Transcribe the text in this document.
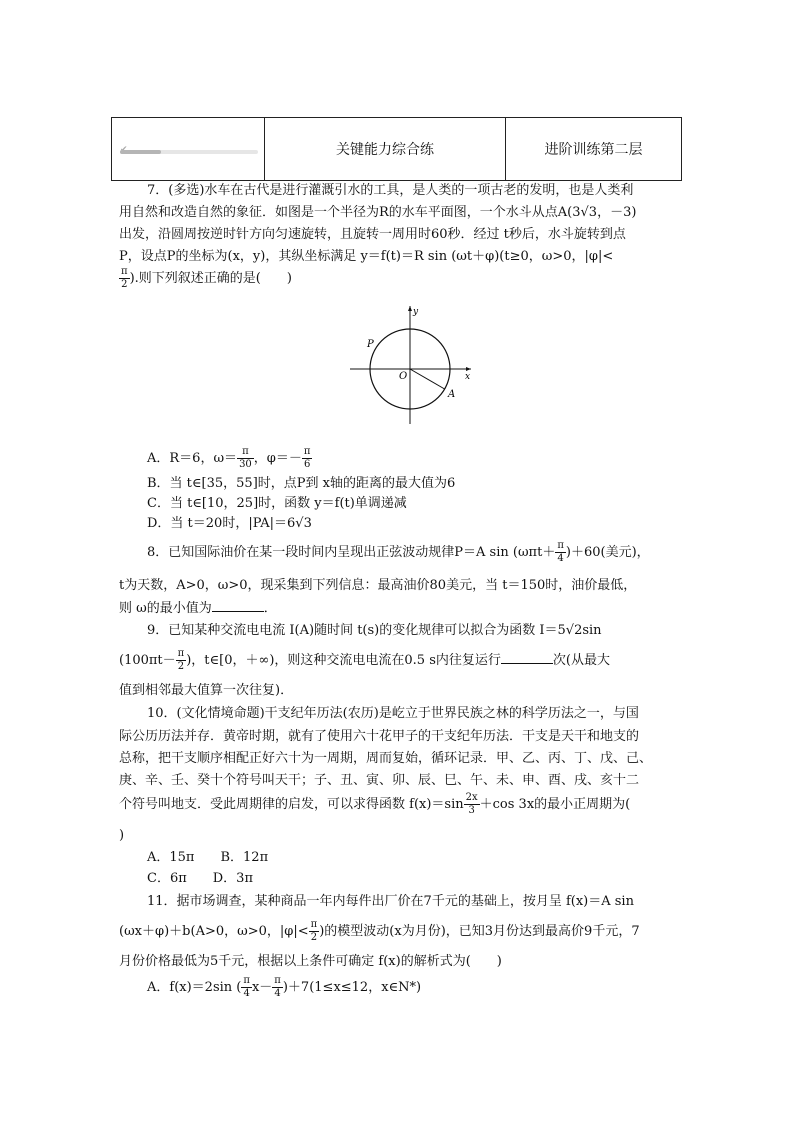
关键能力综合练	进阶训练第二层
7．(多选)水车在古代是进行灌溉引水的工具，是人类的一项古老的发明，也是人类利
用自然和改造自然的象征．如图是一个半径为R的水车平面图，一个水斗从点A(3√3，－3)
出发，沿圆周按逆时针方向匀速旋转，且旋转一周用时60秒．经过 t秒后，水斗旋转到点
P，设点P的坐标为(x，y)，其纵坐标满足 y＝f(t)＝R sin (ωt＋φ)(t≥0，ω>0，|φ|<
$\frac{\pi}{2}$ ).则下列叙述正确的是(　　)
y
x
O
P
A
A．R＝6，$\omega= \frac{\pi}{30}$ ，$\varphi=- \frac{\pi}{6}$
B．当 t∈[35，55]时，点P到 x轴的距离的最大值为6
C．当 t∈[10，25]时，函数 y＝f(t)单调递减
D．当 t＝20时，|PA|＝6√3
8．已知国际油价在某一段时间内呈现出正弦波动规律P＝A $\sin (\omega\pi t+ \frac{\pi}{4} )+60$(美元)，
t为天数，A>0，ω>0，现采集到下列信息：最高油价80美元，当 t＝150时，油价最低，
则 ω的最小值为	．
9．已知某种交流电电流 I(A)随时间 t(s)的变化规律可以拟合为函数 I＝5√2sin
($100\pi t- \frac{\pi}{2}$ )，t∈[0，＋∞)，则这种交流电电流在0.5 s内往复运行	次(从最大
值到相邻最大值算一次往复)．
10．(文化情境命题)干支纪年历法(农历)是屹立于世界民族之林的科学历法之一，与国
际公历历法并存．黄帝时期，就有了使用六十花甲子的干支纪年历法．干支是天干和地支的
总称，把干支顺序相配正好六十为一周期，周而复始，循环记录．甲、乙、丙、丁、戊、己、
庚、辛、壬、癸十个符号叫天干；子、丑、寅、卯、辰、巳、午、未、申、酉、戌、亥十二
个符号叫地支．受此周期律的启发，可以求得函数 $f(x)=\sin \frac{2x}{3} +\cos$ 3x的最小正周期为(
)
A．15π　　B．12π
C．6π　　D．3π
11．据市场调查，某种商品一年内每件出厂价在7千元的基础上，按月呈 f(x)＝A sin
(ωx＋φ)＋b(A>0，ω>0，$|\varphi|< \frac{\pi}{2}$ )的模型波动(x为月份)，已知3月份达到最高价9千元，7
月份价格最低为5千元，根据以上条件可确定 f(x)的解析式为(　　)
A．f(x)＝2sin ( $\frac{\pi}{4} x- \frac{\pi}{4} )+7(1\le x\le 12$，x∈N*)
